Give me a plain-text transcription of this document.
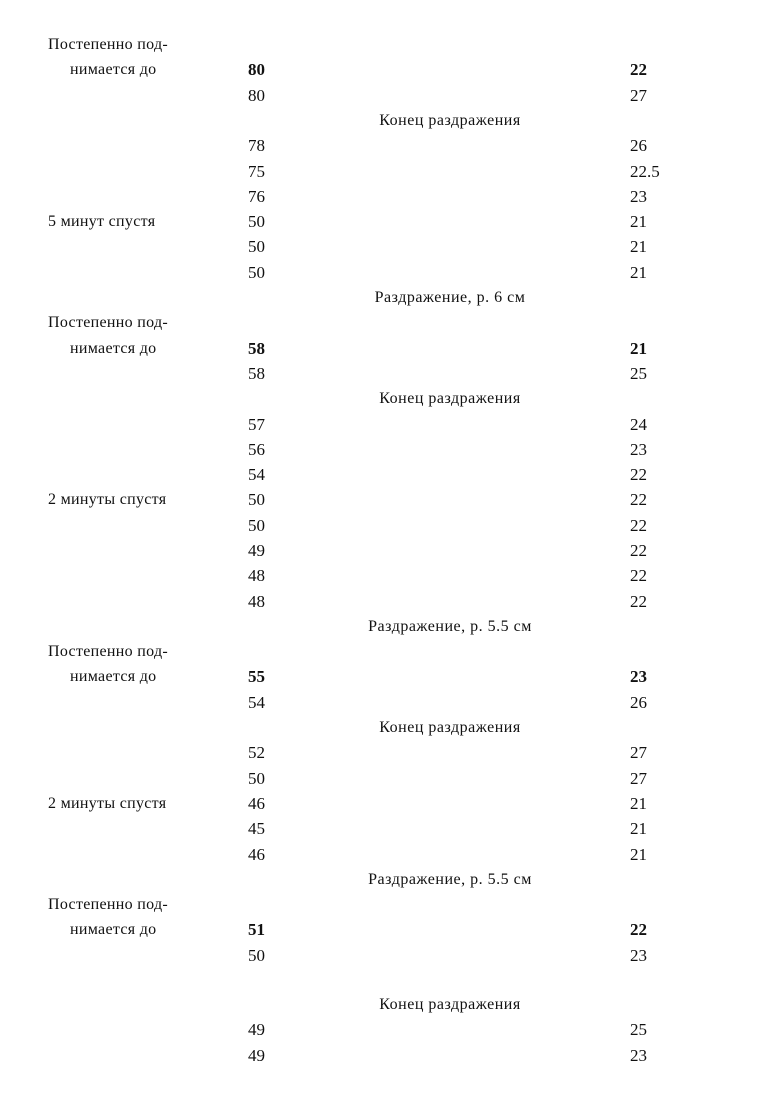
Постепенно под-
нимается до	80	22
80	27
Конец раздражения
78	26
75	22.5
76	23
5 минут спустя	50	21
50	21
50	21
Раздражение, р. 6 см
Постепенно под-
нимается до	58	21
58	25
Конец раздражения
57	24
56	23
54	22
2 минуты спустя	50	22
50	22
49	22
48	22
48	22
Раздражение, р. 5.5 см
Постепенно под-
нимается до	55	23
54	26
Конец раздражения
52	27
50	27
2 минуты спустя	46	21
45	21
46	21
Раздражение, р. 5.5 см
Постепенно под-
нимается до	51	22
50	23
Конец раздражения
49	25
49	23
